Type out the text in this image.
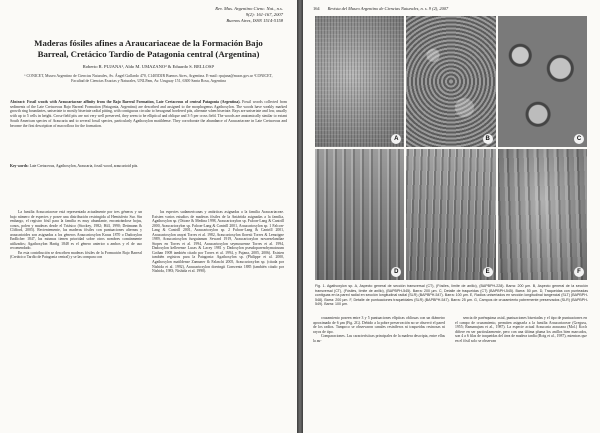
Rev. Mus. Argentino Cienc. Nat., n.s.
9(2): 161-167, 2007
Buenos Aires, ISSN 1514-5158
Maderas fósiles afines a Araucariaceae de la Formación Bajo Barreal, Cretácico Tardío de Patagonia central (Argentina)
Roberto R. PUJANA¹, Aldo M. UMAZANO² & Eduardo S. BELLOSI¹
¹ CONICET, Museo Argentino de Ciencias Naturales, Av. Ángel Gallardo 470, C1405DJR Buenos Aires, Argentina. E-mail: rpujana@macn.gov.ar ²CONICET, Facultad de Ciencias Exactas y Naturales, UNLPam, Av. Uruguay 151, 6300 Santa Rosa, Argentina
Abstract: Fossil woods with Araucariaceae affinity from the Bajo Barreal Formation, Late Cretaceous of central Patagonia (Argentina). Fossil woods collected from sediments of the Late Cretaceous Bajo Barreal Formation (Patagonia, Argentina) are described and assigned to the morphogenus Agathoxylon. The woods have weakly marked growth ring boundaries, uniseriate to mostly biseriate radial pitting, with contiguous circular to hexagonal bordered pits, alternate when biseriate. Rays are uniseriate and low, usually with up to 5 cells in height. Cross-field pits are not very well preserved, they seem to be elliptical and oblique and 3-5 per cross field. The woods are anatomically similar to extant South American species of Araucaria and to several fossil species, particularly Agathoxylon matildense. They corroborate the abundance of Araucariaceae in Late Cretaceous and become the first description of macroflora for the formation.
Key words: Late Cretaceous, Agathoxylon, Araucaria, fossil wood, araucarioid pits.

La familia Araucariaceae está representada actualmente por tres géneros y un bajo número de especies y posee una distribución restringida al Hemisferio Sur. Sin embargo, el registro fósil para la familia es muy abundante, encontrándose hojas, conos, polen y maderas desde el Triásico (Stockey, 1982; Hill, 1990; Dettmann & Clifford, 2005). Recientemente, las maderas fósiles con puntuaciones alternas y araucarioides son asignadas a los géneros Araucarioxylon Kraus 1870 o Dadoxylon Endlicher 1847, las mismas tienen prioridad sobre otros nombres comúnmente utilizados; Agathoxylon Hartig 1848 es el género anterior a ambos y el de uso recomendado.

En esta contribución se describen maderas fósiles de la Formación Bajo Barreal (Cretácico Tardío de Patagonia central) y se las compara con

las especies sudamericanas y antárticas asignadas a la familia Araucariaceae. Existen varios estudios de maderas fósiles de la Antártida asignadas a la familia, Agathoxylon sp. (Ottone & Medina 1998, Araucarioxylon sp. Falcon-Lang & Cantrill 2000, Araucarioxylon sp. Falcon-Lang & Cantrill 2001, Araucarioxylon sp. 1 Falcon-Lang & Cantrill 2001, Araucarioxylon sp. 2 Falcon-Lang & Cantrill 2001, Araucarioxylon arayai Torres et al. 1982, Araucarioxylon floresii Torres & Lemoigne 1989, Araucarioxylon fueguianum Seward 1919, Araucarioxylon novaezelandiae Stopes en Torres et al. 1994, Araucarioxylon seymourense Torres et al. 1994, Dadoxylon kellerense Lucas & Lacey 1981 y Dadoxylon pseudoparenchymatosum Gothan 1908 también citado por Torres et al. 1994, y Pujana, 2005, 2006). Existen también registros para la Patagonia: Agathoxylon sp. (Philippe et al. 2000, Agathoxylon matildense Zamuner & Falaschi 2005, Araucarioxylon sp. (citada por Nishida et al. 1992), Araucarioxylon doeringii Conwentz 1885 (también citado por Nishida, 1983; Nishida et al. 1990).

164 Revista del Museo Argentino de Ciencias Naturales, n. s. 9 (2), 2007
A	B	C
D	E	F
Fig. 1. Agathoxylon sp. A, Aspecto general de sección transversal (CT), (Fósiles, límite de anillo), (BAPBPH-228). Barra: 200 µm. B, Aspecto general de la sección transversal (CT), (Fósiles, límite de anillo), (BAPBPH-545). Barra: 200 µm. C, Detalle de traqueidas (CT) (BAPBPH-545). Barra: 50 µm. D, Traqueidas con punteadas contiguas en la pared radial en sección longitudinal radial (SLR) (BAPBPH-547). Barra: 100 µm. E, Radios uniseriados en sección longitudinal tangencial (SLT) (BAPBPH-548). Barra: 200 µm. F, Detalle de puntuaciones traqueidales (SLR) (BAPBPH-547). Barra: 25 µm. G, Campos de cruzamiento pobremente preservados (SLR) (BAPBPH-549). Barra: 100 µm.

cruzamiento poseen entre 3 y 5 puntuaciones elípticas oblicuas con un diámetro aproximado de 6 µm (Fig. 2G). Debido a la pobre preservación no se observó el pared de los radios. Tampoco se observaron canales resiníferos ni traqueidas resinosas ni rayos de tipo.

Comparaciones. Las características principales de la madera descripta, entre ellas la au-

sencia de parénquima axial, puntuaciones biseriadas y el tipo de puntuaciones en el campo de cruzamiento, permiten asignarla a la familia Araucariaceae (Greguss, 1955; Ramanujam et al., 1987). La especie actual Araucaria araucana (Mol.) Koch difiere en ser particularmente, pero con una última pluma los anillos bien marcados, son 4 a 6 filas de traqueidas del área de madera tardía (Roig et al., 1987), mientras que en el fósil solo se observan
